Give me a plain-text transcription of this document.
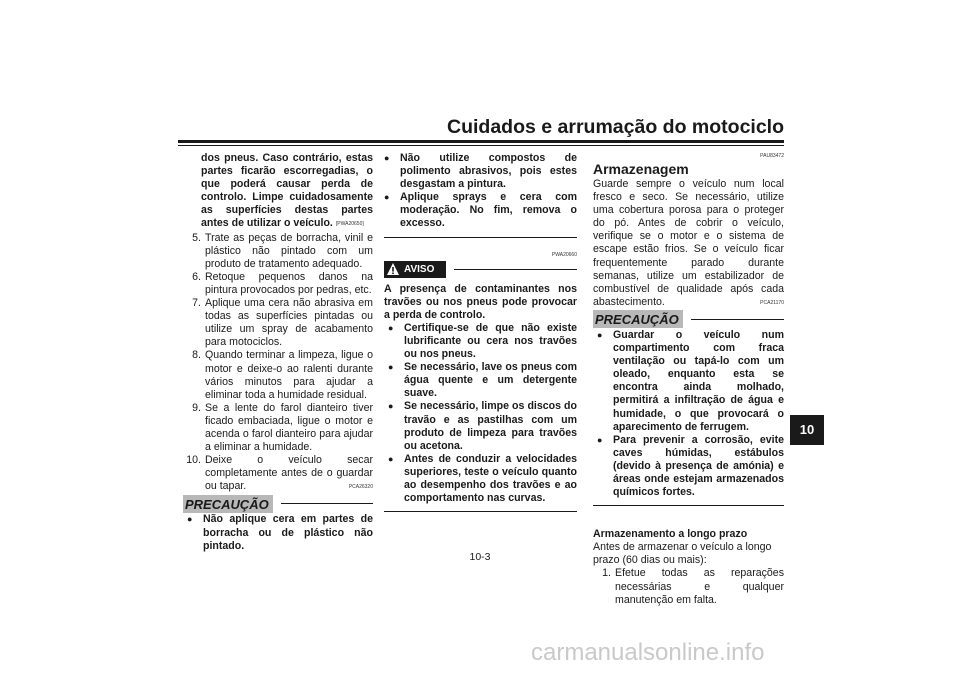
Cuidados e arrumação do motociclo
10

dos pneus. Caso contrário, estas partes ficarão escorregadias, o que poderá causar perda de controlo. Limpe cuidadosamente as superfícies destas partes antes de utilizar o veículo. [PWA20650]

5. Trate as peças de borracha, vinil e plástico não pintado com um produto de tratamento adequado.
6. Retoque pequenos danos na pintura provocados por pedras, etc.
7. Aplique uma cera não abrasiva em todas as superfícies pintadas ou utilize um spray de acabamento para motociclos.
8. Quando terminar a limpeza, ligue o motor e deixe-o ao ralenti durante vários minutos para ajudar a eliminar toda a humidade residual.
9. Se a lente do farol dianteiro tiver ficado embaciada, ligue o motor e acenda o farol dianteiro para ajudar a eliminar a humidade.
10. Deixe o veículo secar completamente antes de o guardar ou tapar.
PRECAUÇÃO
PCA26320
● Não aplique cera em partes de borracha ou de plástico não pintado.
● Não utilize compostos de polimento abrasivos, pois estes desgastam a pintura.
● Aplique sprays e cera com moderação. No fim, remova o excesso.
PWA20660
AVISO

A presença de contaminantes nos travões ou nos pneus pode provocar a perda de controlo.

● Certifique-se de que não existe lubrificante ou cera nos travões ou nos pneus.
● Se necessário, lave os pneus com água quente e um detergente suave.
● Se necessário, limpe os discos do travão e as pastilhas com um produto de limpeza para travões ou acetona.
● Antes de conduzir a velocidades superiores, teste o veículo quanto ao desempenho dos travões e ao comportamento nas curvas.
PAU83472
Armazenagem

Guarde sempre o veículo num local fresco e seco. Se necessário, utilize uma cobertura porosa para o proteger do pó. Antes de cobrir o veículo, verifique se o motor e o sistema de escape estão frios. Se o veículo ficar frequentemente parado durante semanas, utilize um estabilizador de combustível de qualidade após cada abastecimento.

PRECAUÇÃO
PCA21170
● Guardar o veículo num compartimento com fraca ventilação ou tapá-lo com um oleado, enquanto esta se encontra ainda molhado, permitirá a infiltração de água e humidade, o que provocará o aparecimento de ferrugem.
● Para prevenir a corrosão, evite caves húmidas, estábulos (devido à presença de amónia) e áreas onde estejam armazenados químicos fortes.

Armazenamento a longo prazo

Antes de armazenar o veículo a longo prazo (60 dias ou mais):

1. Efetue todas as reparações necessárias e qualquer manutenção em falta.
10-3
carmanualsonline.info
